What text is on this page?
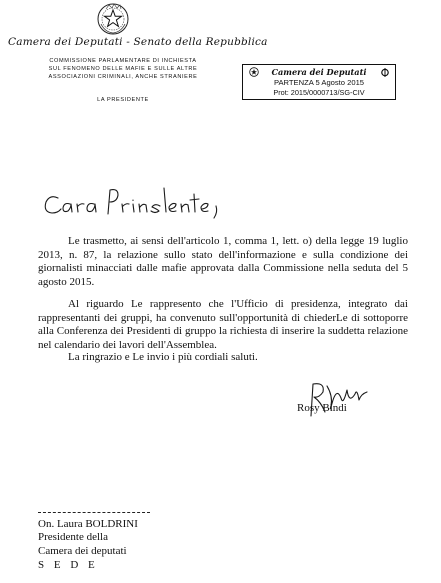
Camera dei Deputati - Senato della Repubblica
COMMISSIONE PARLAMENTARE DI INCHIESTA
SUL FENOMENO DELLE MAFIE E SULLE ALTRE
ASSOCIAZIONI CRIMINALI, ANCHE STRANIERE
LA PRESIDENTE
Camera dei Deputati
PARTENZA 5 Agosto 2015
Prot: 2015/0000713/SG-CIV
Le trasmetto, ai sensi dell'articolo 1, comma 1, lett. o) della legge 19 luglio 2013, n. 87, la relazione sullo stato dell'informazione e sulla condizione dei giornalisti minacciati dalle mafie approvata dalla Commissione nella seduta del 5 agosto 2015.
Al riguardo Le rappresento che l'Ufficio di presidenza, integrato dai rappresentanti dei gruppi, ha convenuto sull'opportunità di chiederLe di sottoporre alla Conferenza dei Presidenti di gruppo la richiesta di inserire la suddetta relazione nel calendario dei lavori dell'Assemblea.
La ringrazio e Le invio i più cordiali saluti.
Rosy Bindi
On. Laura BOLDRINI
Presidente della
Camera dei deputati
S E D E
